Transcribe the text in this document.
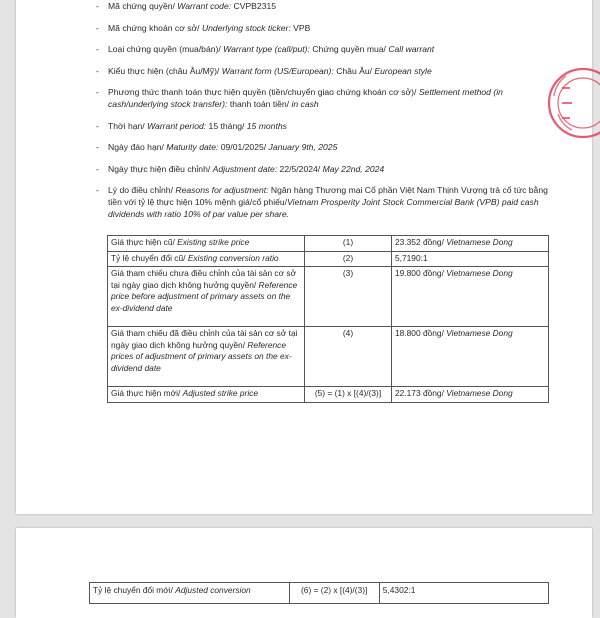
- Mã chứng quyền/ Warrant code: CVPB2315
- Mã chứng khoán cơ sở/ Underlying stock ticker: VPB
- Loại chứng quyền (mua/bán)/ Warrant type (call/put): Chứng quyền mua/ Call warrant
- Kiểu thực hiện (châu Âu/Mỹ)/ Warrant form (US/European): Châu Âu/ European style
- Phương thức thanh toán thực hiện quyền (tiền/chuyển giao chứng khoán cơ sở)/ Settlement method (in cash/underlying stock transfer): thanh toán tiền/ in cash
- Thời hạn/ Warrant period: 15 tháng/ 15 months
- Ngày đáo hạn/ Maturity date: 09/01/2025/ January 9th, 2025
- Ngày thực hiện điều chỉnh/ Adjustment date: 22/5/2024/ May 22nd, 2024
- Lý do điều chỉnh/ Reasons for adjustment: Ngân hàng Thương mại Cổ phần Việt Nam Thịnh Vượng trả cổ tức bằng tiền với tỷ lệ thực hiện 10% mệnh giá/cổ phiếu/Vietnam Prosperity Joint Stock Commercial Bank (VPB) paid cash dividends with ratio 10% of par value per share.
Giá thực hiện cũ/ Existing strike price	(1)	23.352 đồng/ Vietnamese Dong
Tỷ lệ chuyển đổi cũ/ Existing conversion ratio	(2)	5,7190:1
Giá tham chiếu chưa điều chỉnh của tài sản cơ sở tại ngày giao dịch không hưởng quyền/ Reference price before adjustment of primary assets on the ex-dividend date	(3)	19.800 đồng/ Vietnamese Dong
Giá tham chiếu đã điều chỉnh của tài sản cơ sở tại ngày giao dịch không hưởng quyền/ Reference prices of adjustment of primary assets on the ex-dividend date	(4)	18.800 đồng/ Vietnamese Dong
Giá thực hiện mới/ Adjusted strike price	(5) = (1) x [(4)/(3)]	22.173 đồng/ Vietnamese Dong
Tỷ lệ chuyển đổi mới/ Adjusted conversion	(6) = (2) x [(4)/(3)]	5,4302:1
